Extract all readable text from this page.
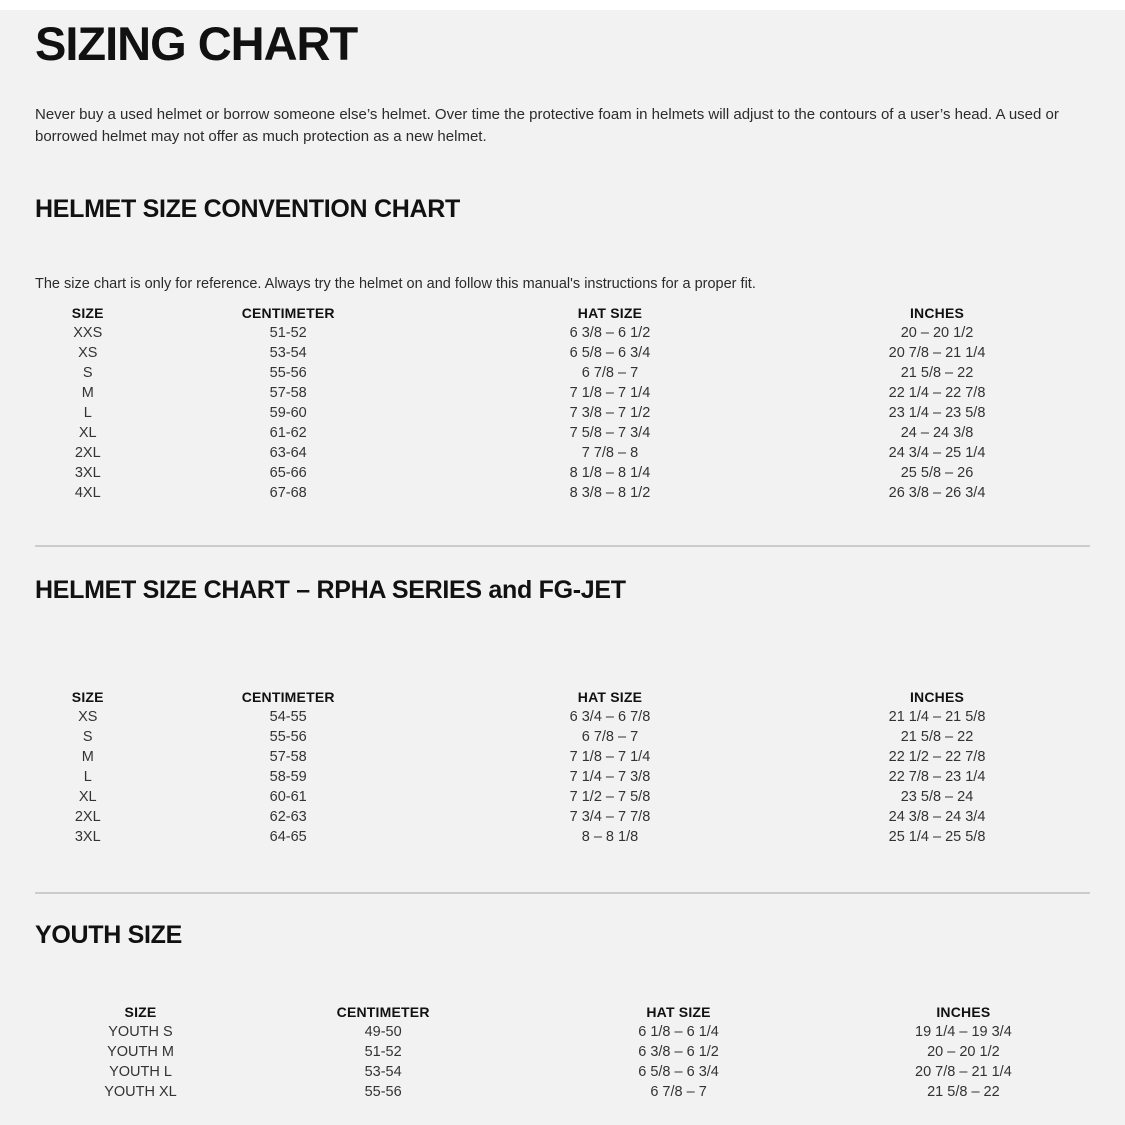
SIZING CHART

Never buy a used helmet or borrow someone else’s helmet. Over time the protective foam in helmets will adjust to the contours of a user’s head. A used or borrowed helmet may not offer as much protection as a new helmet.

HELMET SIZE CONVENTION CHART

The size chart is only for reference. Always try the helmet on and follow this manual's instructions for a proper fit.

SIZE	CENTIMETER	HAT SIZE	INCHES
XXS	51-52	6 3/8 – 6 1/2	20 – 20 1/2
XS	53-54	6 5/8 – 6 3/4	20 7/8 – 21 1/4
S	55-56	6 7/8 – 7	21 5/8 – 22
M	57-58	7 1/8 – 7 1/4	22 1/4 – 22 7/8
L	59-60	7 3/8 – 7 1/2	23 1/4 – 23 5/8
XL	61-62	7 5/8 – 7 3/4	24 – 24 3/8
2XL	63-64	7 7/8 – 8	24 3/4 – 25 1/4
3XL	65-66	8 1/8 – 8 1/4	25 5/8 – 26
4XL	67-68	8 3/8 – 8 1/2	26 3/8 – 26 3/4
HELMET SIZE CHART – RPHA SERIES and FG-JET
SIZE	CENTIMETER	HAT SIZE	INCHES
XS	54-55	6 3/4 – 6 7/8	21 1/4 – 21 5/8
S	55-56	6 7/8 – 7	21 5/8 – 22
M	57-58	7 1/8 – 7 1/4	22 1/2 – 22 7/8
L	58-59	7 1/4 – 7 3/8	22 7/8 – 23 1/4
XL	60-61	7 1/2 – 7 5/8	23 5/8 – 24
2XL	62-63	7 3/4 – 7 7/8	24 3/8 – 24 3/4
3XL	64-65	8 – 8 1/8	25 1/4 – 25 5/8
YOUTH SIZE
SIZE	CENTIMETER	HAT SIZE	INCHES
YOUTH S	49-50	6 1/8 – 6 1/4	19 1/4 – 19 3/4
YOUTH M	51-52	6 3/8 – 6 1/2	20 – 20 1/2
YOUTH L	53-54	6 5/8 – 6 3/4	20 7/8 – 21 1/4
YOUTH XL	55-56	6 7/8 – 7	21 5/8 – 22
